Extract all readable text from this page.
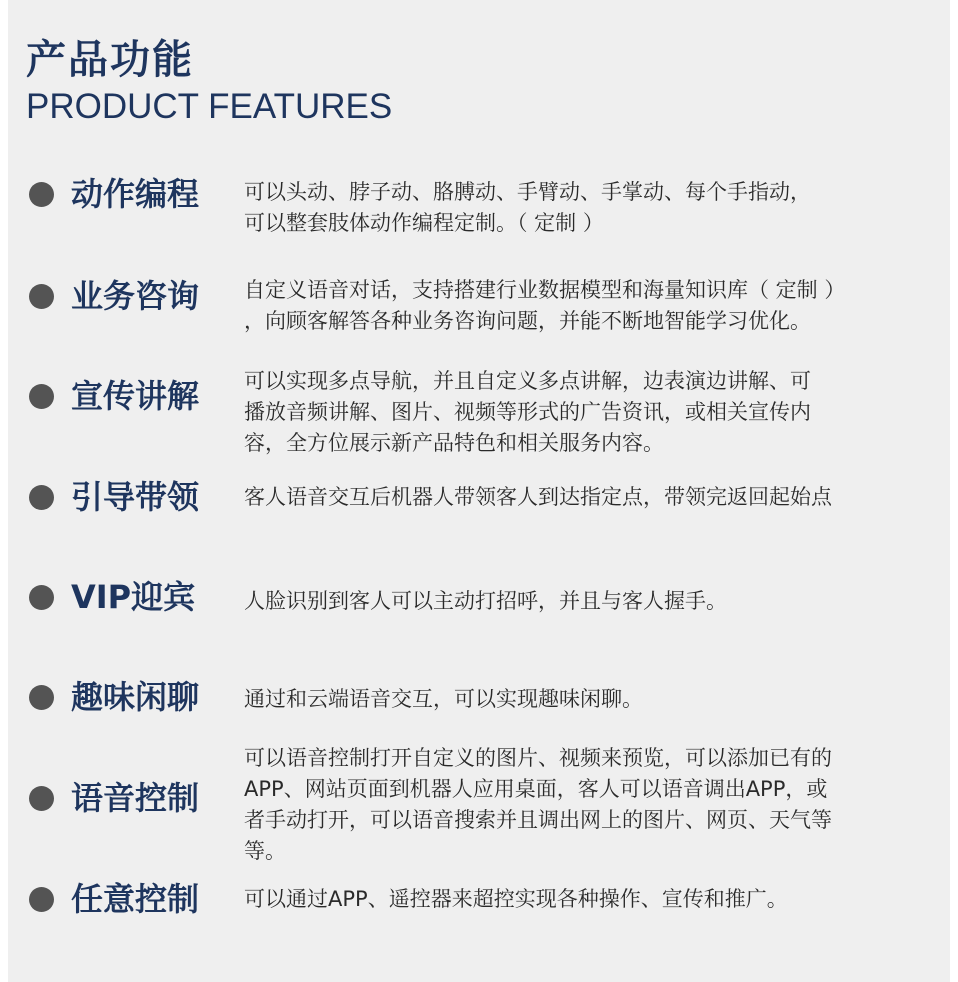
产品功能
PRODUCT FEATURES
动作编程 可以头动、脖子动、胳膊动、手臂动、手掌动、每个手指动，
可以整套肢体动作编程定制。（ 定制 ）
业务咨询 自定义语音对话，支持搭建行业数据模型和海量知识库（ 定制 ）
，向顾客解答各种业务咨询问题，并能不断地智能学习优化。
宣传讲解 可以实现多点导航，并且自定义多点讲解，边表演边讲解、可
播放音频讲解、图片、视频等形式的广告资讯，或相关宣传内
容，全方位展示新产品特色和相关服务内容。
引导带领 客人语音交互后机器人带领客人到达指定点，带领完返回起始点
VIP迎宾 人脸识别到客人可以主动打招呼，并且与客人握手。
趣味闲聊 通过和云端语音交互，可以实现趣味闲聊。
语音控制
可以语音控制打开自定义的图片、视频来预览，可以添加已有的
APP、网站页面到机器人应用桌面，客人可以语音调出APP，或
者手动打开，可以语音搜索并且调出网上的图片、网页、天气等
等。
任意控制 可以通过APP、遥控器来超控实现各种操作、宣传和推广。
